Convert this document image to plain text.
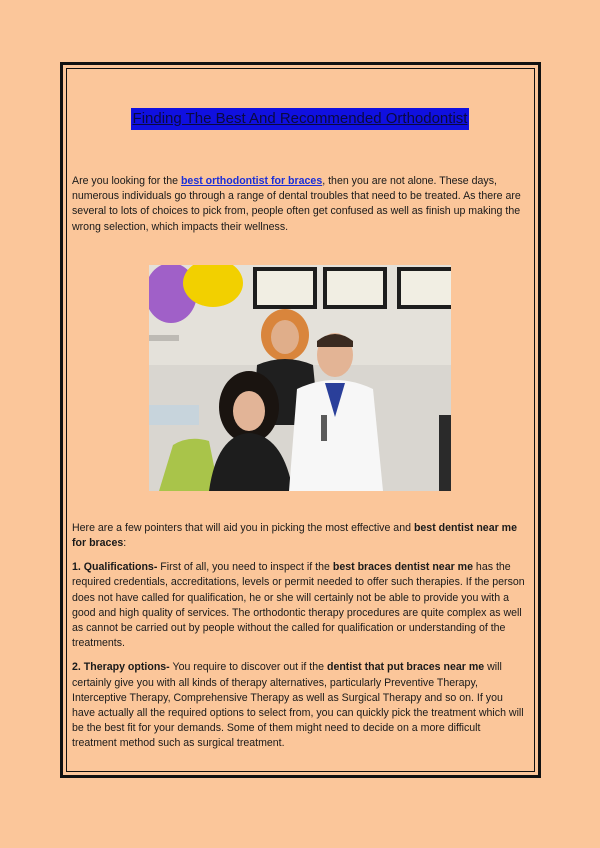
Finding The Best And Recommended Orthodontist

Are you looking for the best orthodontist for braces, then you are not alone. These days, numerous individuals go through a range of dental troubles that need to be treated. As there are several to lots of choices to pick from, people often get confused as well as finish up making the wrong selection, which impacts their wellness.

Here are a few pointers that will aid you in picking the most effective and best dentist near me for braces:

1. Qualifications- First of all, you need to inspect if the best braces dentist near me has the required credentials, accreditations, levels or permit needed to offer such therapies. If the person does not have called for qualification, he or she will certainly not be able to provide you with a good and high quality of services. The orthodontic therapy procedures are quite complex as well as cannot be carried out by people without the called for qualification or understanding of the treatments.

2. Therapy options- You require to discover out if the dentist that put braces near me will certainly give you with all kinds of therapy alternatives, particularly Preventive Therapy, Interceptive Therapy, Comprehensive Therapy as well as Surgical Therapy and so on. If you have actually all the required options to select from, you can quickly pick the treatment which will be the best fit for your demands. Some of them might need to decide on a more difficult treatment method such as surgical treatment.
